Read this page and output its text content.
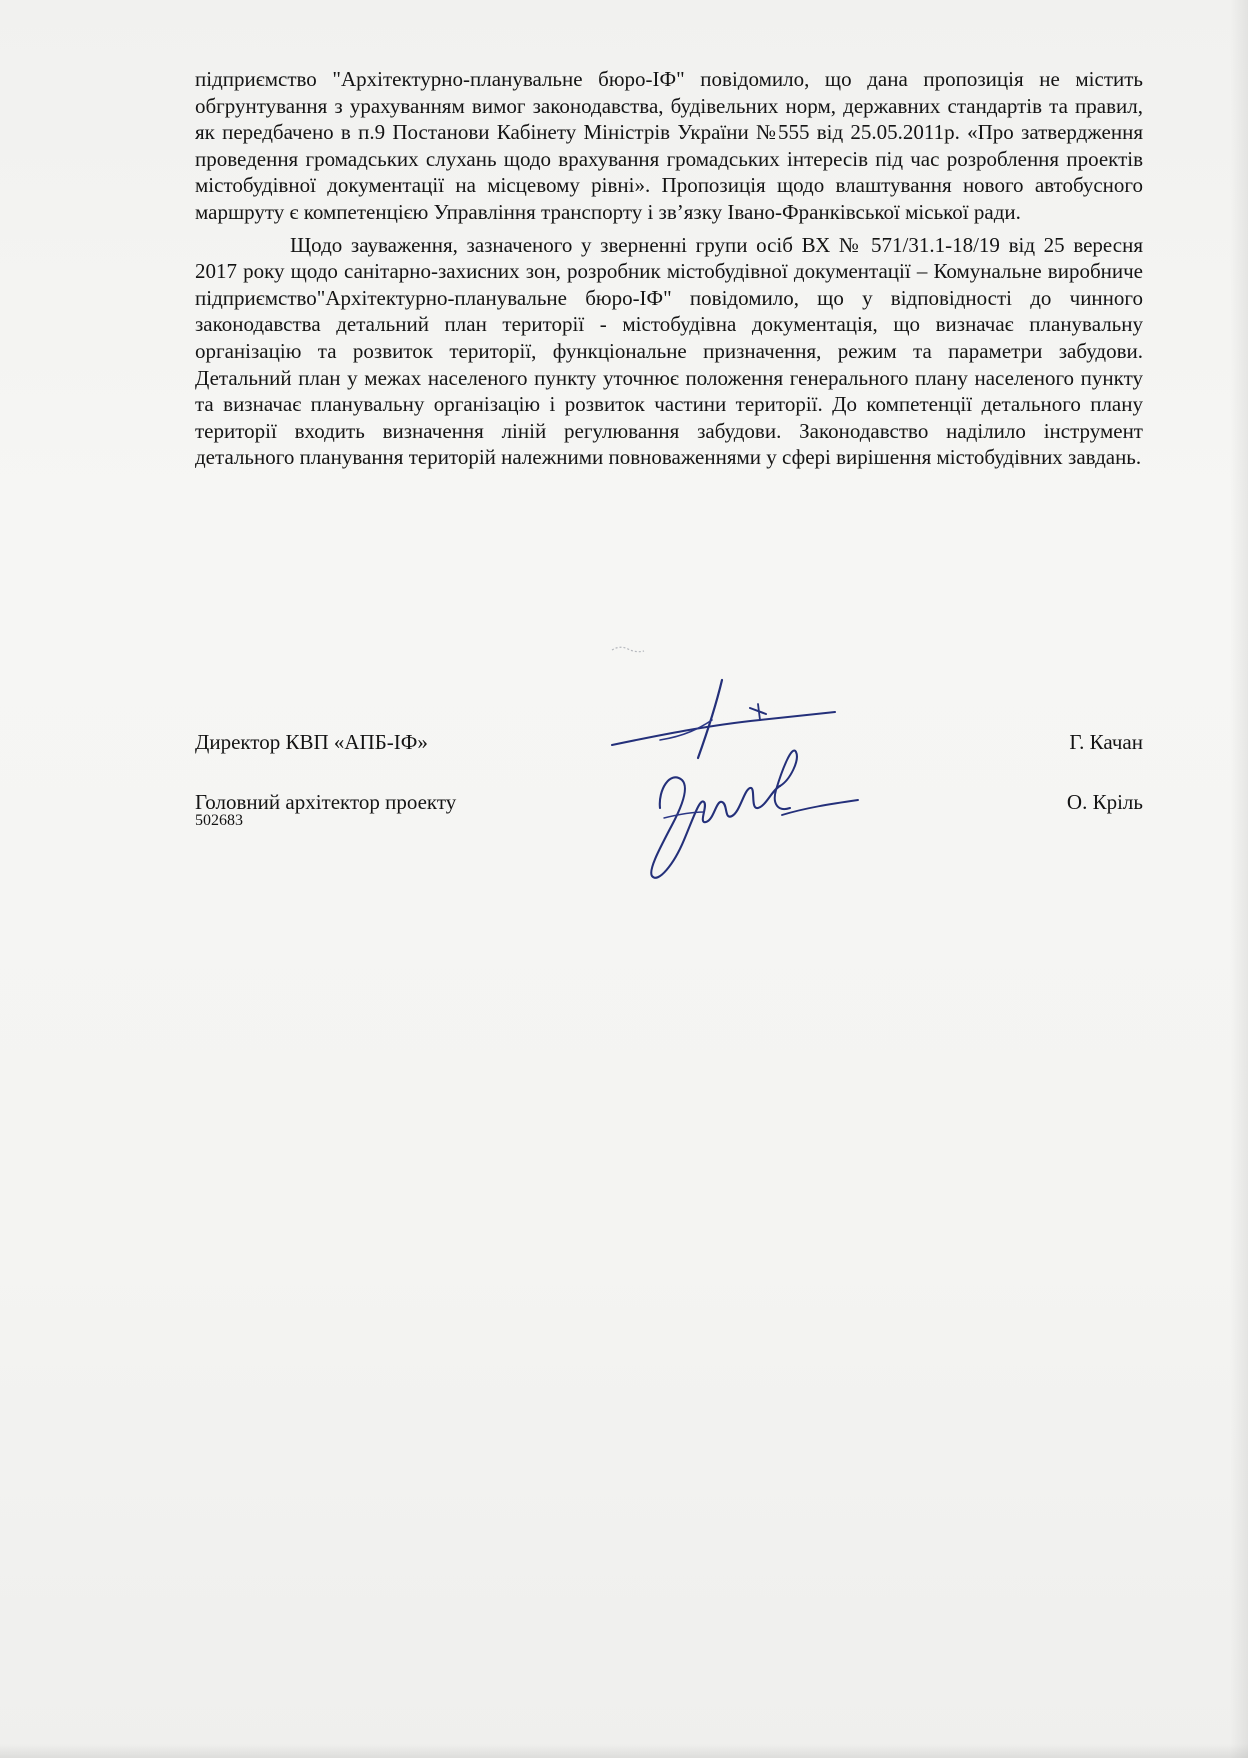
підприємство "Архітектурно-планувальне бюро-ІФ" повідомило, що дана пропозиція не містить обгрунтування з урахуванням вимог законодавства, будівельних норм, державних стандартів та правил, як передбачено в п.9 Постанови Кабінету Міністрів України №555 від 25.05.2011р. «Про затвердження проведення громадських слухань щодо врахування громадських інтересів під час розроблення проектів містобудівної документації на місцевому рівні». Пропозиція щодо влаштування нового автобусного маршруту є компетенцією Управління транспорту і зв’язку Івано-Франківської міської ради.

Щодо зауваження, зазначеного у зверненні групи осіб ВХ № 571/31.1-18/19 від 25 вересня 2017 року щодо санітарно-захисних зон, розробник містобудівної документації – Комунальне виробниче підприємство"Архітектурно-планувальне бюро-ІФ" повідомило, що у відповідності до чинного законодавства детальний план території - містобудівна документація, що визначає планувальну організацію та розвиток території, функціональне призначення, режим та параметри забудови. Детальний план у межах населеного пункту уточнює положення генерального плану населеного пункту та визначає планувальну організацію і розвиток частини території. До компетенції детального плану території входить визначення ліній регулювання забудови. Законодавство наділило інструмент детального планування територій належними повноваженнями у сфері вирішення містобудівних завдань.

Директор КВП «АПБ-ІФ»	Г. Качан
Головний архітектор проекту	О. Кріль
502683
